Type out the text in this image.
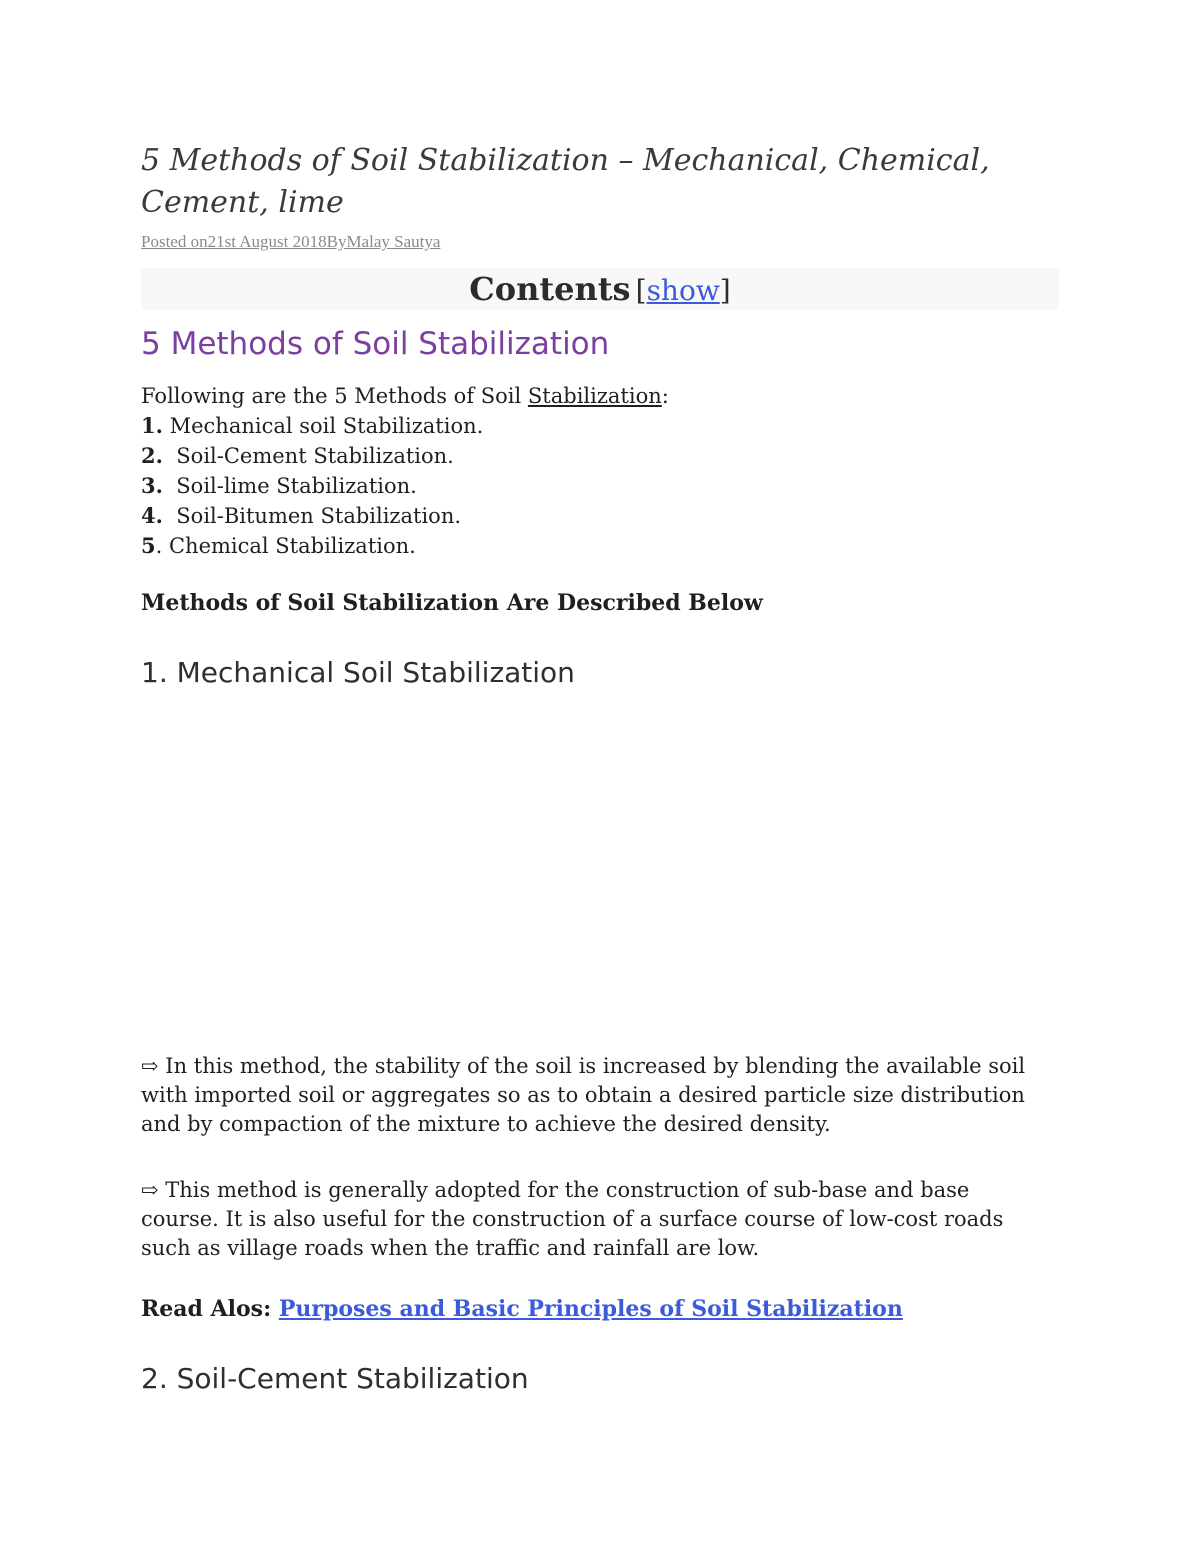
5 Methods of Soil Stabilization – Mechanical, Chemical, Cement, lime
Posted on21st August 2018ByMalay Sautya
Contents [show]
5 Methods of Soil Stabilization
Following are the 5 Methods of Soil Stabilization:
1. Mechanical soil Stabilization.
2.  Soil-Cement Stabilization.
3.  Soil-lime Stabilization.
4.  Soil-Bitumen Stabilization.
5. Chemical Stabilization.
Methods of Soil Stabilization Are Described Below
1. Mechanical Soil Stabilization

⇨ In this method, the stability of the soil is increased by blending the available soil with imported soil or aggregates so as to obtain a desired particle size distribution and by compaction of the mixture to achieve the desired density.

⇨ This method is generally adopted for the construction of sub-base and base course. It is also useful for the construction of a surface course of low-cost roads such as village roads when the traffic and rainfall are low.

Read Alos: Purposes and Basic Principles of Soil Stabilization

2. Soil-Cement Stabilization
